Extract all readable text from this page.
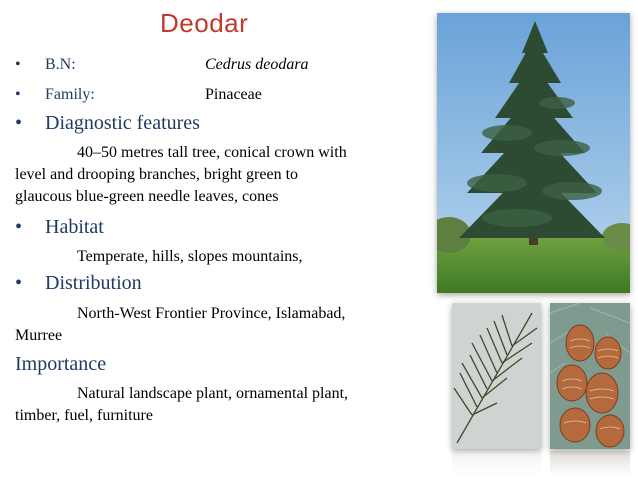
Deodar
• B.N:	Cedrus deodara
• Family:	Pinaceae
• Diagnostic features
40–50 metres tall tree, conical crown with
level and drooping branches, bright green to
glaucous blue-green needle leaves, cones
• Habitat
Temperate, hills, slopes mountains,
• Distribution
North-West Frontier Province, Islamabad,
Murree
Importance
Natural landscape plant, ornamental plant,
timber, fuel, furniture
